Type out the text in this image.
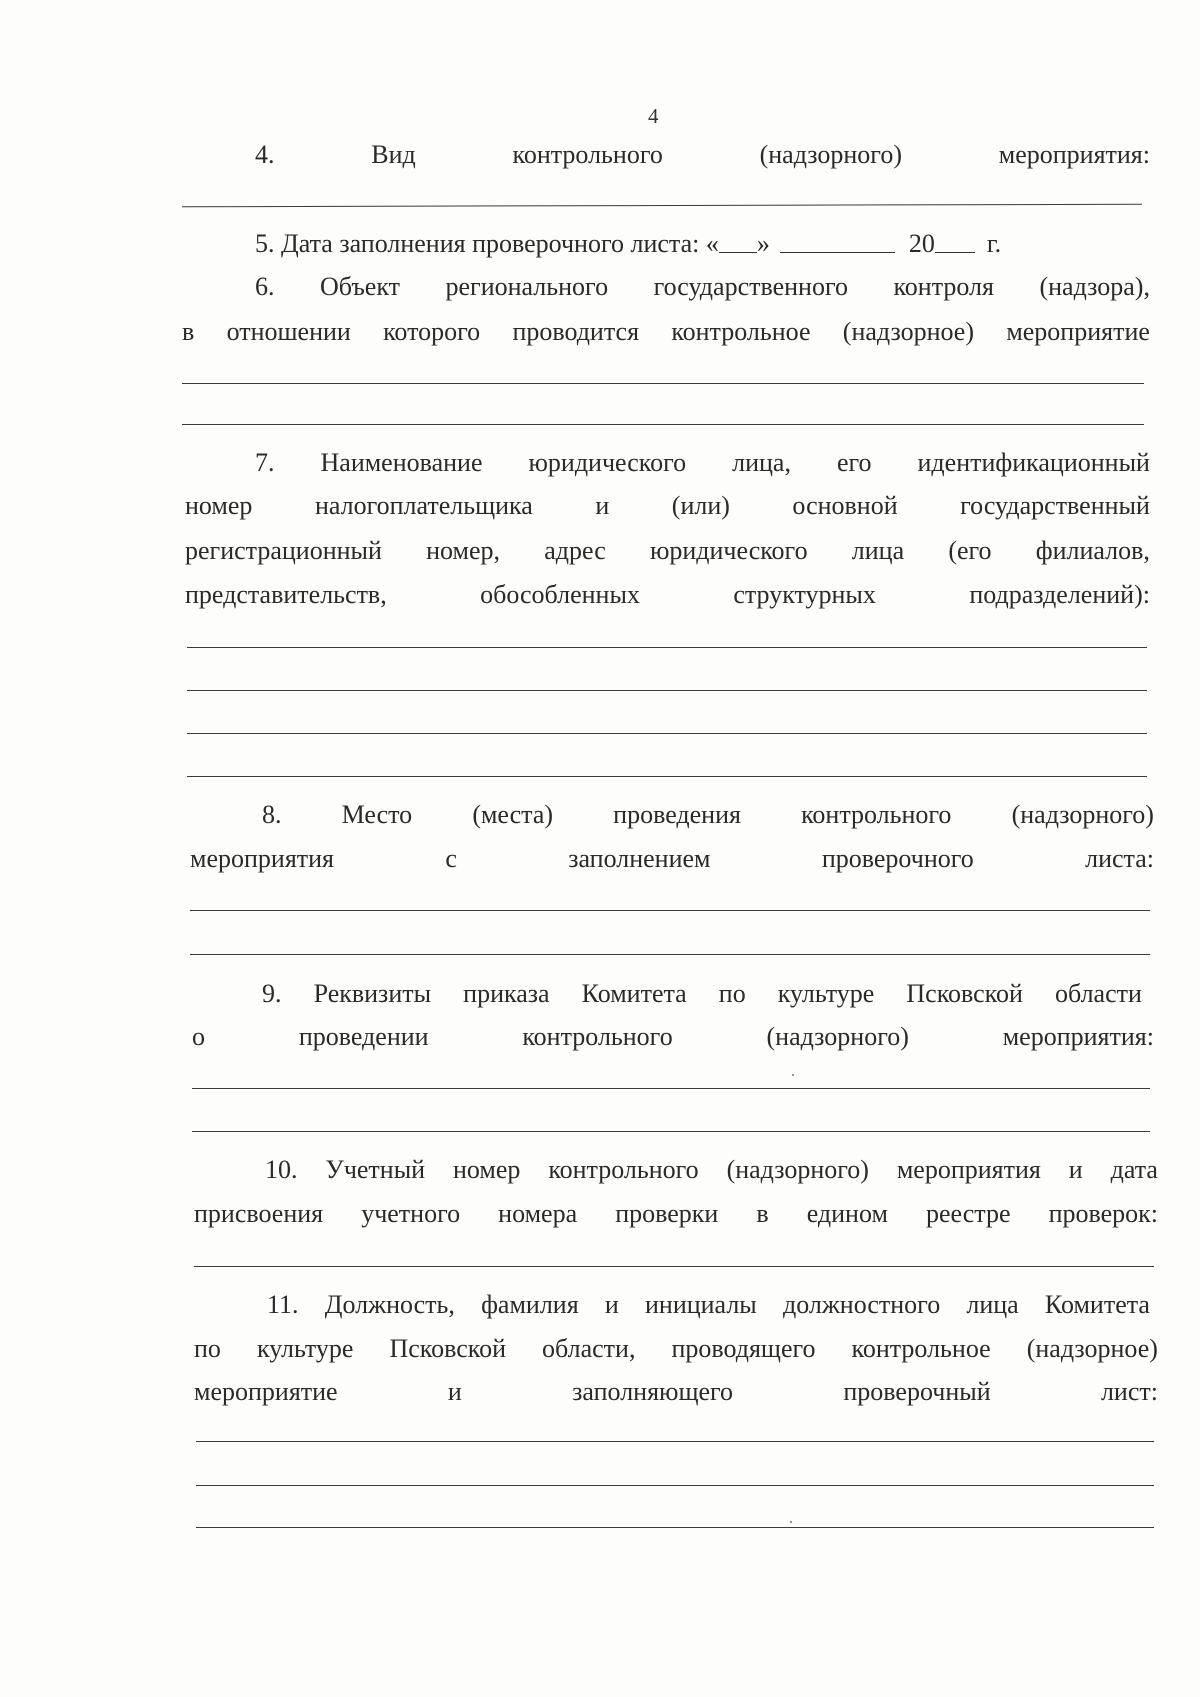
4
4.	Вид	контрольного	(надзорного)	мероприятия:
5. Дата заполнения проверочного листа: « »	20 г.
6. Объект регионального государственного контроля (надзора),
в отношении которого проводится контрольное (надзорное) мероприятие
7. Наименование юридического лица, его идентификационный
номер налогоплательщика и (или) основной государственный
регистрационный номер, адрес юридического лица (его филиалов,
представительств,	обособленных	структурных	подразделений):
8. Место (места) проведения контрольного (надзорного)
мероприятия	с	заполнением	проверочного	листа:
9. Реквизиты приказа Комитета по культуре Псковской области
о	проведении	контрольного	(надзорного)	мероприятия:
10. Учетный номер контрольного (надзорного) мероприятия и дата
присвоения учетного номера проверки в едином реестре проверок:
11. Должность, фамилия и инициалы должностного лица Комитета
по культуре Псковской области, проводящего контрольное (надзорное)
мероприятие	и	заполняющего	проверочный	лист:
